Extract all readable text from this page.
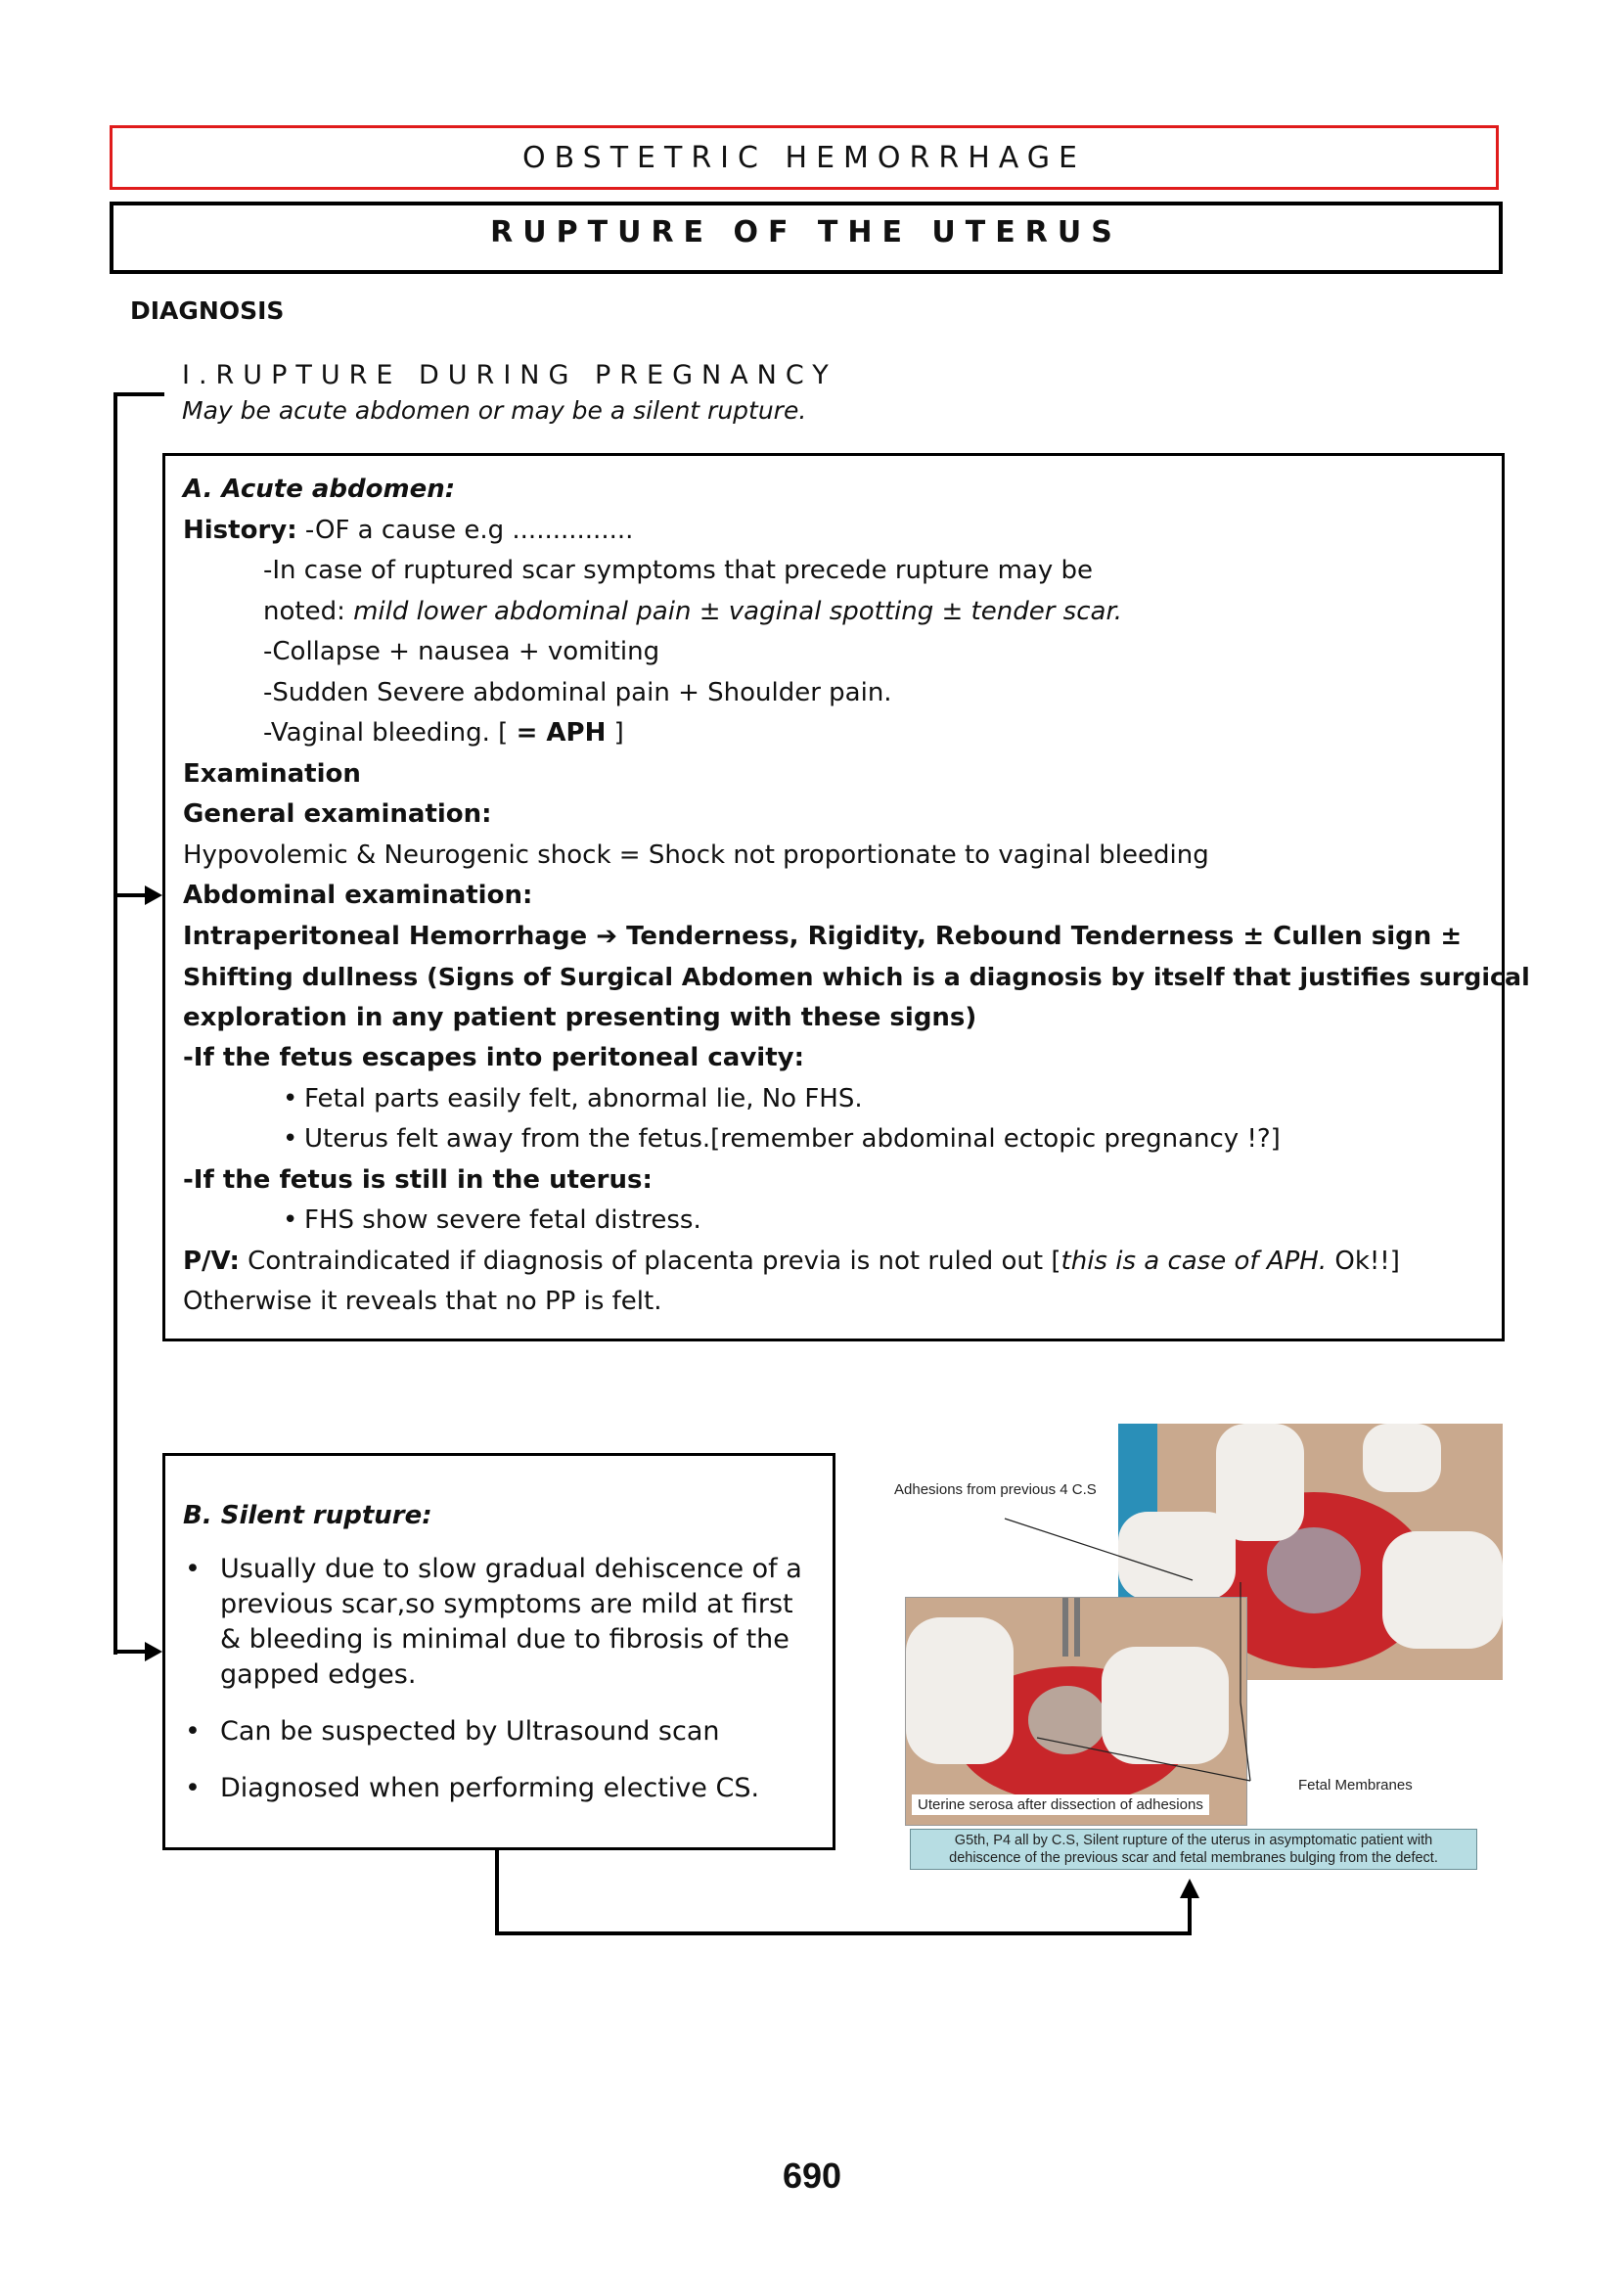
OBSTETRIC HEMORRHAGE
RUPTURE OF THE UTERUS
DIAGNOSIS
I.RUPTURE DURING PREGNANCY
May be acute abdomen or may be a silent rupture.
A. Acute abdomen:
History: -OF a cause e.g ...............
-In case of ruptured scar symptoms that precede rupture may be
noted: mild lower abdominal pain ± vaginal spotting ± tender scar.
-Collapse + nausea + vomiting
-Sudden Severe abdominal pain + Shoulder pain.
-Vaginal bleeding. [ = APH ]
Examination
General examination:
Hypovolemic & Neurogenic shock = Shock not proportionate to vaginal bleeding
Abdominal examination:
Intraperitoneal Hemorrhage ➔ Tenderness, Rigidity, Rebound Tenderness ± Cullen sign ±
Shifting dullness (Signs of Surgical Abdomen which is a diagnosis by itself that justifies surgical
exploration in any patient presenting with these signs)
-If the fetus escapes into peritoneal cavity:
• Fetal parts easily felt, abnormal lie, No FHS.
• Uterus felt away from the fetus.[remember abdominal ectopic pregnancy !?]
-If the fetus is still in the uterus:
• FHS show severe fetal distress.
P/V: Contraindicated if diagnosis of placenta previa is not ruled out [this is a case of APH. Ok!!]
Otherwise it reveals that no PP is felt.
B. Silent rupture:
• Usually due to slow gradual dehiscence of a previous scar,so symptoms are mild at first & bleeding is minimal due to fibrosis of the gapped edges.
• Can be suspected by Ultrasound scan
• Diagnosed when performing elective CS.
Uterine serosa after dissection of adhesions
Adhesions from previous 4 C.S
Fetal Membranes
G5th, P4 all by C.S, Silent rupture of the uterus in asymptomatic patient with
dehiscence of the previous scar and fetal membranes bulging from the defect.
690
